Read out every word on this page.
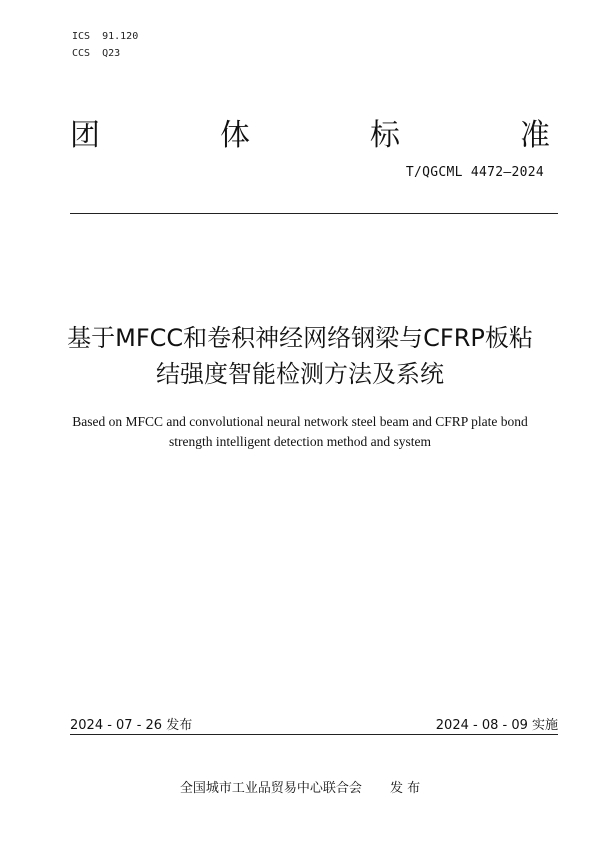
ICS  91.120
CCS  Q23
团	体	标	准
T/QGCML 4472—2024
基于MFCC和卷积神经网络钢梁与CFRP板粘
结强度智能检测方法及系统
Based on MFCC and convolutional neural network steel beam and CFRP plate bond
strength intelligent detection method and system
2024 - 07 - 26 发布	2024 - 08 - 09 实施
全国城市工业品贸易中心联合会 发 布
